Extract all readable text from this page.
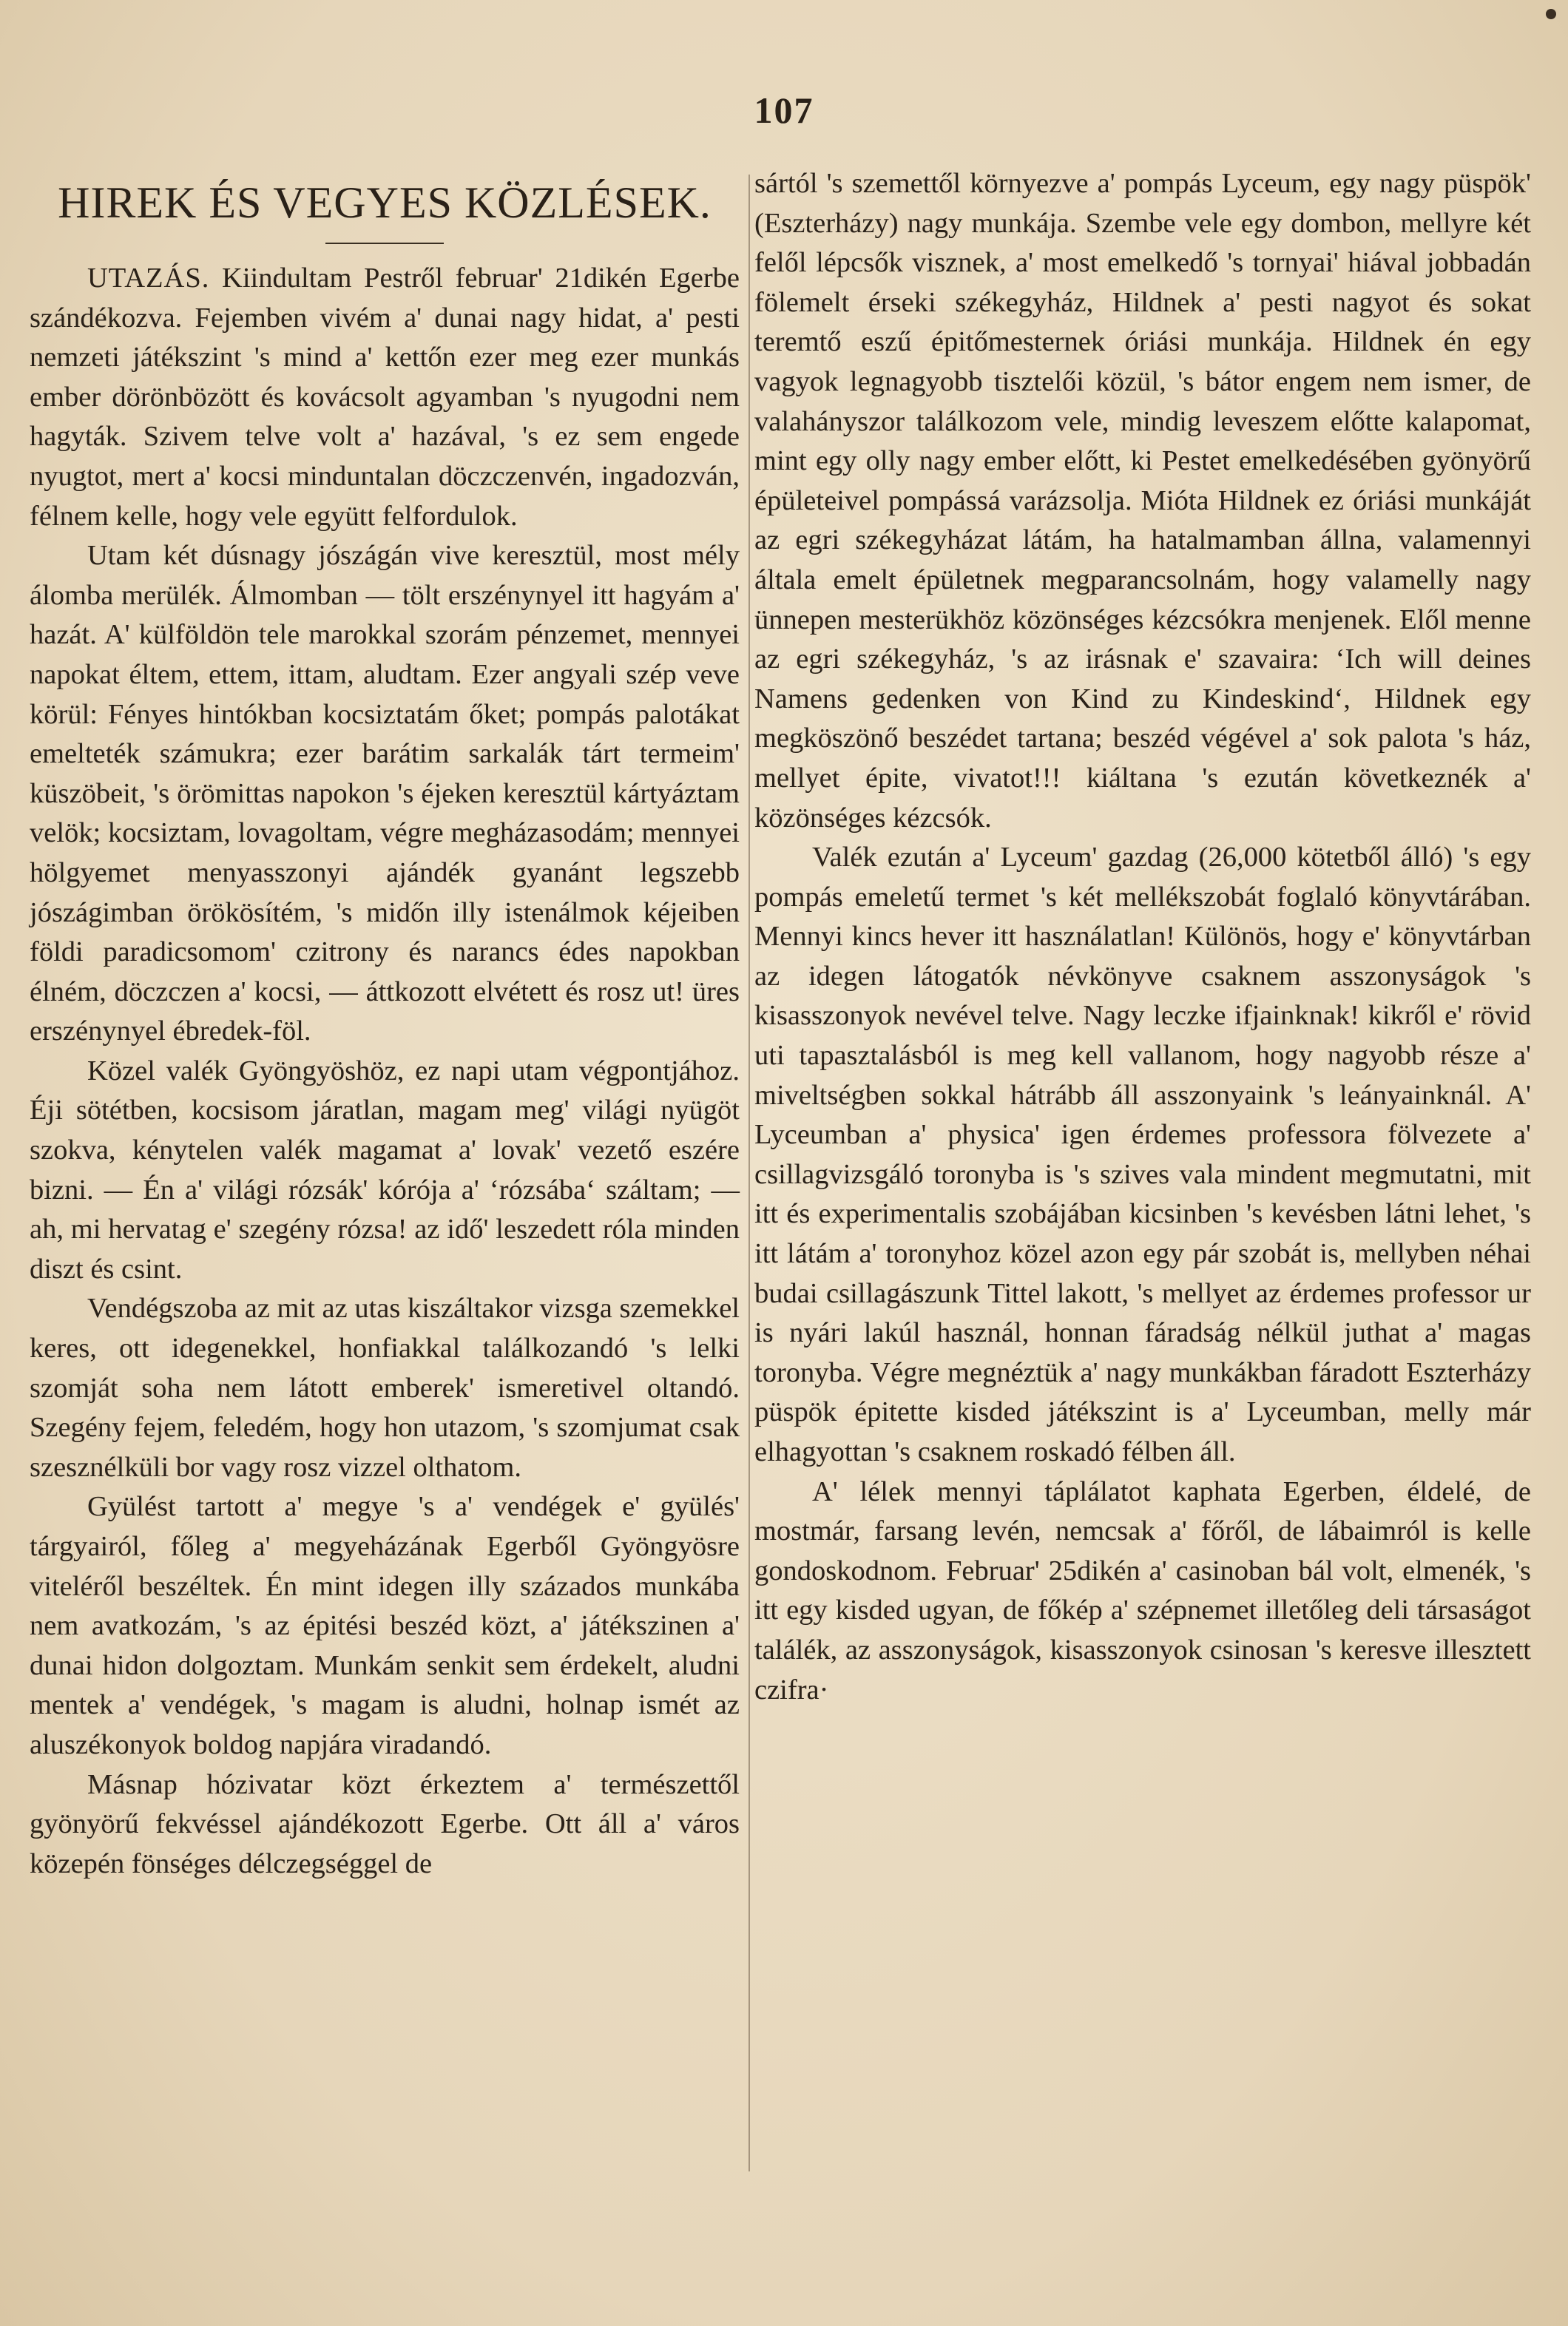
107
HIREK ÉS VEGYES KÖZLÉSEK.

UTAZÁS. Kiindultam Pestről februar' 21dikén Egerbe szándékozva. Fejemben vivém a' dunai nagy hidat, a' pesti nemzeti játékszint 's mind a' kettőn ezer meg ezer munkás ember dörönbözött és kovácsolt agyamban 's nyugodni nem hagyták. Szivem telve volt a' hazával, 's ez sem engede nyugtot, mert a' kocsi minduntalan döczczenvén, ingadozván, félnem kelle, hogy vele együtt felfordulok.

Utam két dúsnagy jószágán vive keresztül, most mély álomba merülék. Álmomban — tölt erszénynyel itt hagyám a' hazát. A' külföldön tele marokkal szorám pénzemet, mennyei napokat éltem, ettem, ittam, aludtam. Ezer angyali szép veve körül: Fényes hintókban kocsiztatám őket; pompás palotákat emelteték számukra; ezer barátim sarkalák tárt termeim' küszöbeit, 's örömittas napokon 's éjeken keresztül kártyáztam velök; kocsiztam, lovagoltam, végre megházasodám; mennyei hölgyemet menyasszonyi ajándék gyanánt legszebb jószágimban örökösítém, 's midőn illy istenálmok kéjeiben földi paradicsomom' czitrony és narancs édes napokban élném, döczczen a' kocsi, — áttkozott elvétett és rosz ut! üres erszénynyel ébredek-föl.

Közel valék Gyöngyöshöz, ez napi utam végpontjához. Éji sötétben, kocsisom járatlan, magam meg' világi nyügöt szokva, kénytelen valék magamat a' lovak' vezető eszére bizni. — Én a' világi rózsák' kórója a' ‘rózsába‘ száltam; — ah, mi hervatag e' szegény rózsa! az idő' leszedett róla minden diszt és csint.

Vendégszoba az mit az utas kiszáltakor vizsga szemekkel keres, ott idegenekkel, honfiakkal találkozandó 's lelki szomját soha nem látott emberek' ismeretivel oltandó. Szegény fejem, feledém, hogy hon utazom, 's szomjumat csak szesznélküli bor vagy rosz vizzel olthatom.

Gyülést tartott a' megye 's a' vendégek e' gyülés' tárgyairól, főleg a' megyeházának Egerből Gyöngyösre viteléről beszéltek. Én mint idegen illy százados munkába nem avatkozám, 's az épitési beszéd közt, a' játékszinen a' dunai hidon dolgoztam. Munkám senkit sem érdekelt, aludni mentek a' vendégek, 's magam is aludni, holnap ismét az aluszékonyok boldog napjára viradandó.

Másnap hózivatar közt érkeztem a' természettől gyönyörű fekvéssel ajándékozott Egerbe. Ott áll a' város közepén fönséges délczegséggel de

sártól 's szemettől környezve a' pompás Lyceum, egy nagy püspök' (Eszterházy) nagy munkája. Szembe vele egy dombon, mellyre két felől lépcsők visznek, a' most emelkedő 's tornyai' hiával jobbadán fölemelt érseki székegyház, Hildnek a' pesti nagyot és sokat teremtő eszű épitőmesternek óriási munkája. Hildnek én egy vagyok legnagyobb tisztelői közül, 's bátor engem nem ismer, de valahányszor találkozom vele, mindig leveszem előtte kalapomat, mint egy olly nagy ember előtt, ki Pestet emelkedésében gyönyörű épületeivel pompássá varázsolja. Mióta Hildnek ez óriási munkáját az egri székegyházat látám, ha hatalmamban állna, valamennyi általa emelt épületnek megparancsolnám, hogy valamelly nagy ünnepen mesterükhöz közönséges kézcsókra menjenek. Elől menne az egri székegyház, 's az irásnak e' szavaira: ‘Ich will deines Namens gedenken von Kind zu Kindeskind‘, Hildnek egy megköszönő beszédet tartana; beszéd végével a' sok palota 's ház, mellyet épite, vivatot!!! kiáltana 's ezután következnék a' közönséges kézcsók.

Valék ezután a' Lyceum' gazdag (26,000 kötetből álló) 's egy pompás emeletű termet 's két mellékszobát foglaló könyvtárában. Mennyi kincs hever itt használatlan! Különös, hogy e' könyvtárban az idegen látogatók névkönyve csaknem asszonyságok 's kisasszonyok nevével telve. Nagy leczke ifjainknak! kikről e' rövid uti tapasztalásból is meg kell vallanom, hogy nagyobb része a' miveltségben sokkal hátrább áll asszonyaink 's leányainknál. A' Lyceumban a' physica' igen érdemes professora fölvezete a' csillagvizsgáló toronyba is 's szives vala mindent megmutatni, mit itt és experimentalis szobájában kicsinben 's kevésben látni lehet, 's itt látám a' toronyhoz közel azon egy pár szobát is, mellyben néhai budai csillagászunk Tittel lakott, 's mellyet az érdemes professor ur is nyári lakúl használ, honnan fáradság nélkül juthat a' magas toronyba. Végre megnéztük a' nagy munkákban fáradott Eszterházy püspök épitette kisded játékszint is a' Lyceumban, melly már elhagyottan 's csaknem roskadó félben áll.

A' lélek mennyi táplálatot kaphata Egerben, éldelé, de mostmár, farsang levén, nemcsak a' főről, de lábaimról is kelle gondoskodnom. Februar' 25dikén a' casinoban bál volt, elmenék, 's itt egy kisded ugyan, de főkép a' szépnemet illetőleg deli társaságot találék, az asszonyságok, kisasszonyok csinosan 's keresve illesztett czifra·
